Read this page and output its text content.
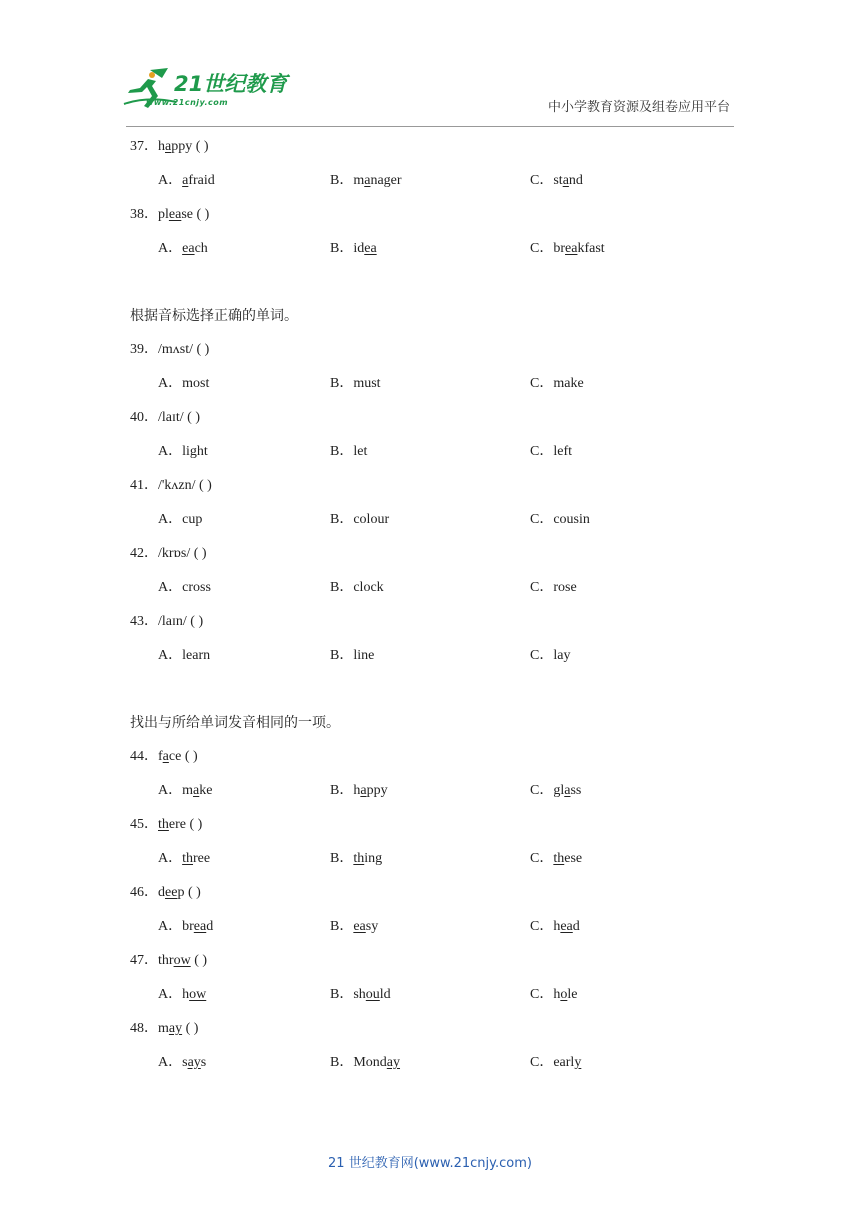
21世纪教育
www.21cnjy.com	中小学教育资源及组卷应用平台
37．happy ( )
A．afraid	B．manager	C．stand
38．please ( )
A．each	B．idea	C．breakfast
根据音标选择正确的单词。
39．/mʌst/ ( )
A．most	B．must	C．make
40．/laɪt/ ( )
A．light	B．let	C．left
41．/'kʌzn/ ( )
A．cup	B．colour	C．cousin
42．/krɒs/ ( )
A．cross	B．clock	C．rose
43．/laɪn/ ( )
A．learn	B．line	C．lay
找出与所给单词发音相同的一项。
44．face ( )
A．make	B．happy	C．glass
45．there ( )
A．three	B．thing	C．these
46．deep ( )
A．bread	B．easy	C．head
47．throw ( )
A．how	B．should	C．hole
48．may ( )
A．says	B．Monday	C．early
21 世纪教育网(www.21cnjy.com)
